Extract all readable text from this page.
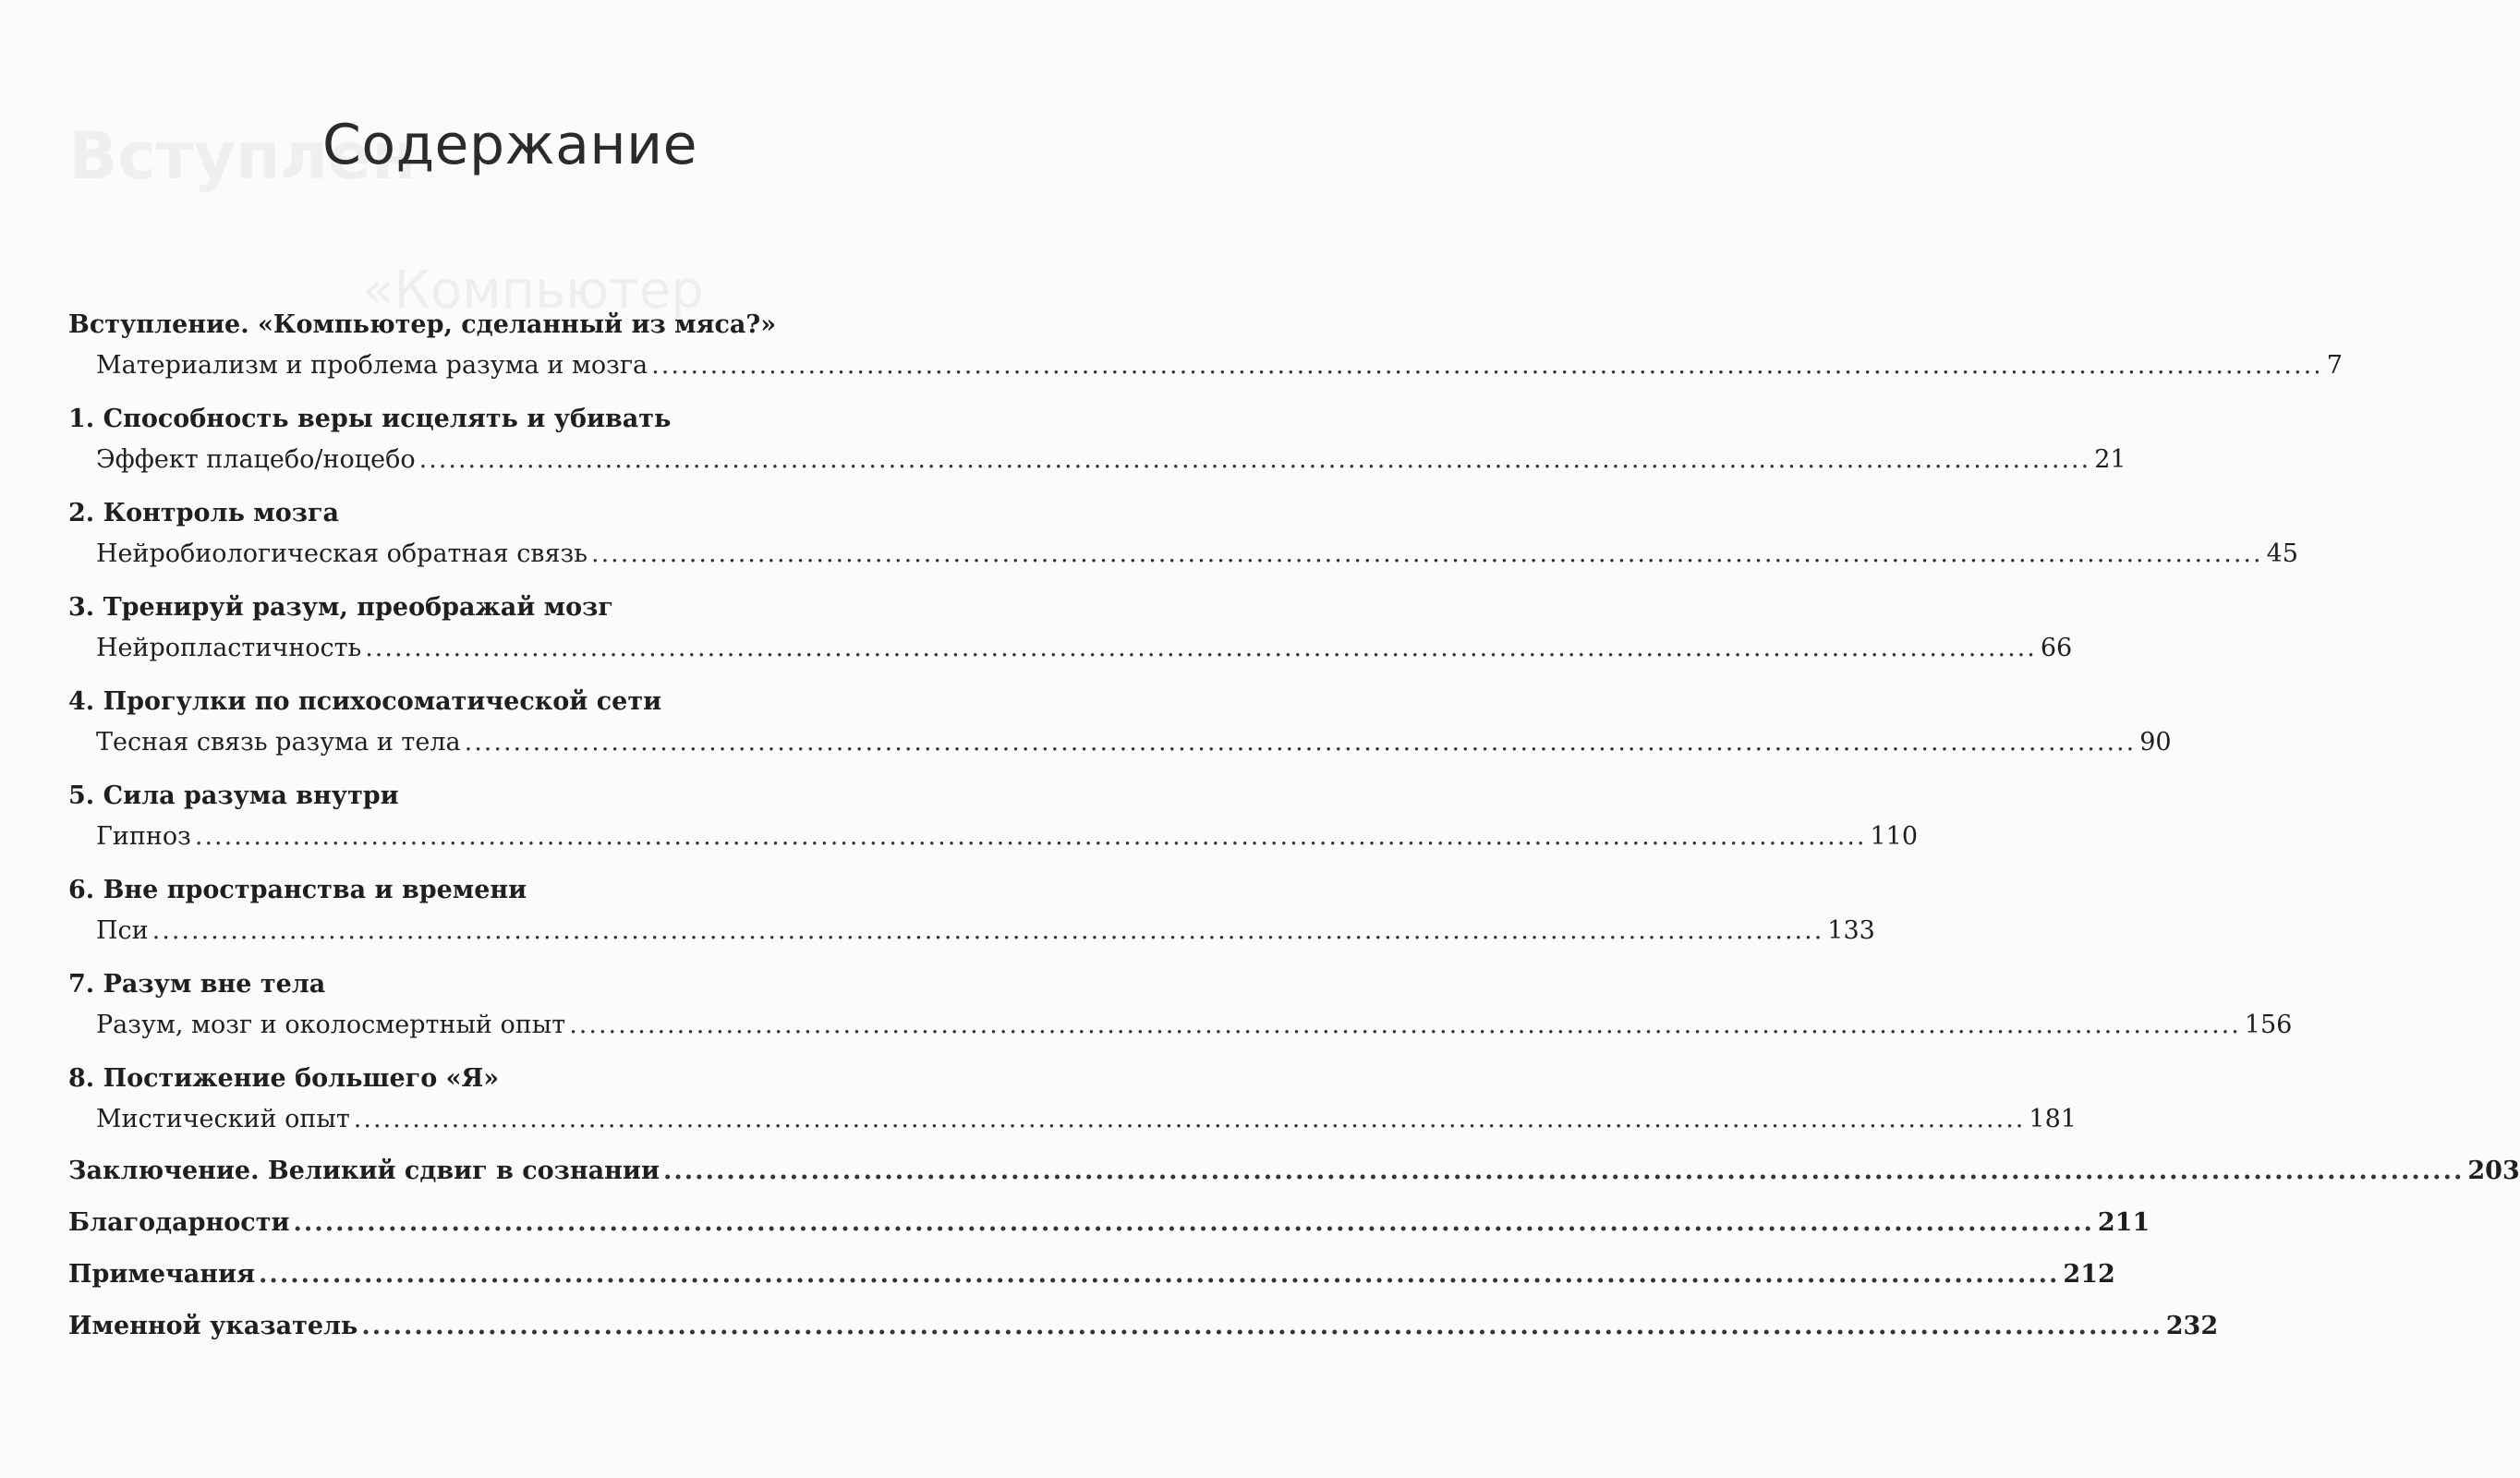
Вступлен
«Компьютер
Содержание
Вступление. «Компьютер, сделанный из мяса?»
Материализм и проблема разума и мозга ........................................................................................................................................................................... 7
1. Способность веры исцелять и убивать
Эффект плацебо/ноцебо ........................................................................................................................................................................... 21
2. Контроль мозга
Нейробиологическая обратная связь ........................................................................................................................................................................... 45
3. Тренируй разум, преображай мозг
Нейропластичность ........................................................................................................................................................................... 66
4. Прогулки по психосоматической сети
Тесная связь разума и тела ........................................................................................................................................................................... 90
5. Сила разума внутри
Гипноз ........................................................................................................................................................................... 110
6. Вне пространства и времени
Пси ........................................................................................................................................................................... 133
7. Разум вне тела
Разум, мозг и околосмертный опыт ........................................................................................................................................................................... 156
8. Постижение большего «Я»
Мистический опыт ........................................................................................................................................................................... 181
Заключение. Великий сдвиг в сознании ........................................................................................................................................................................... 203
Благодарности ........................................................................................................................................................................... 211
Примечания ........................................................................................................................................................................... 212
Именной указатель ........................................................................................................................................................................... 232
